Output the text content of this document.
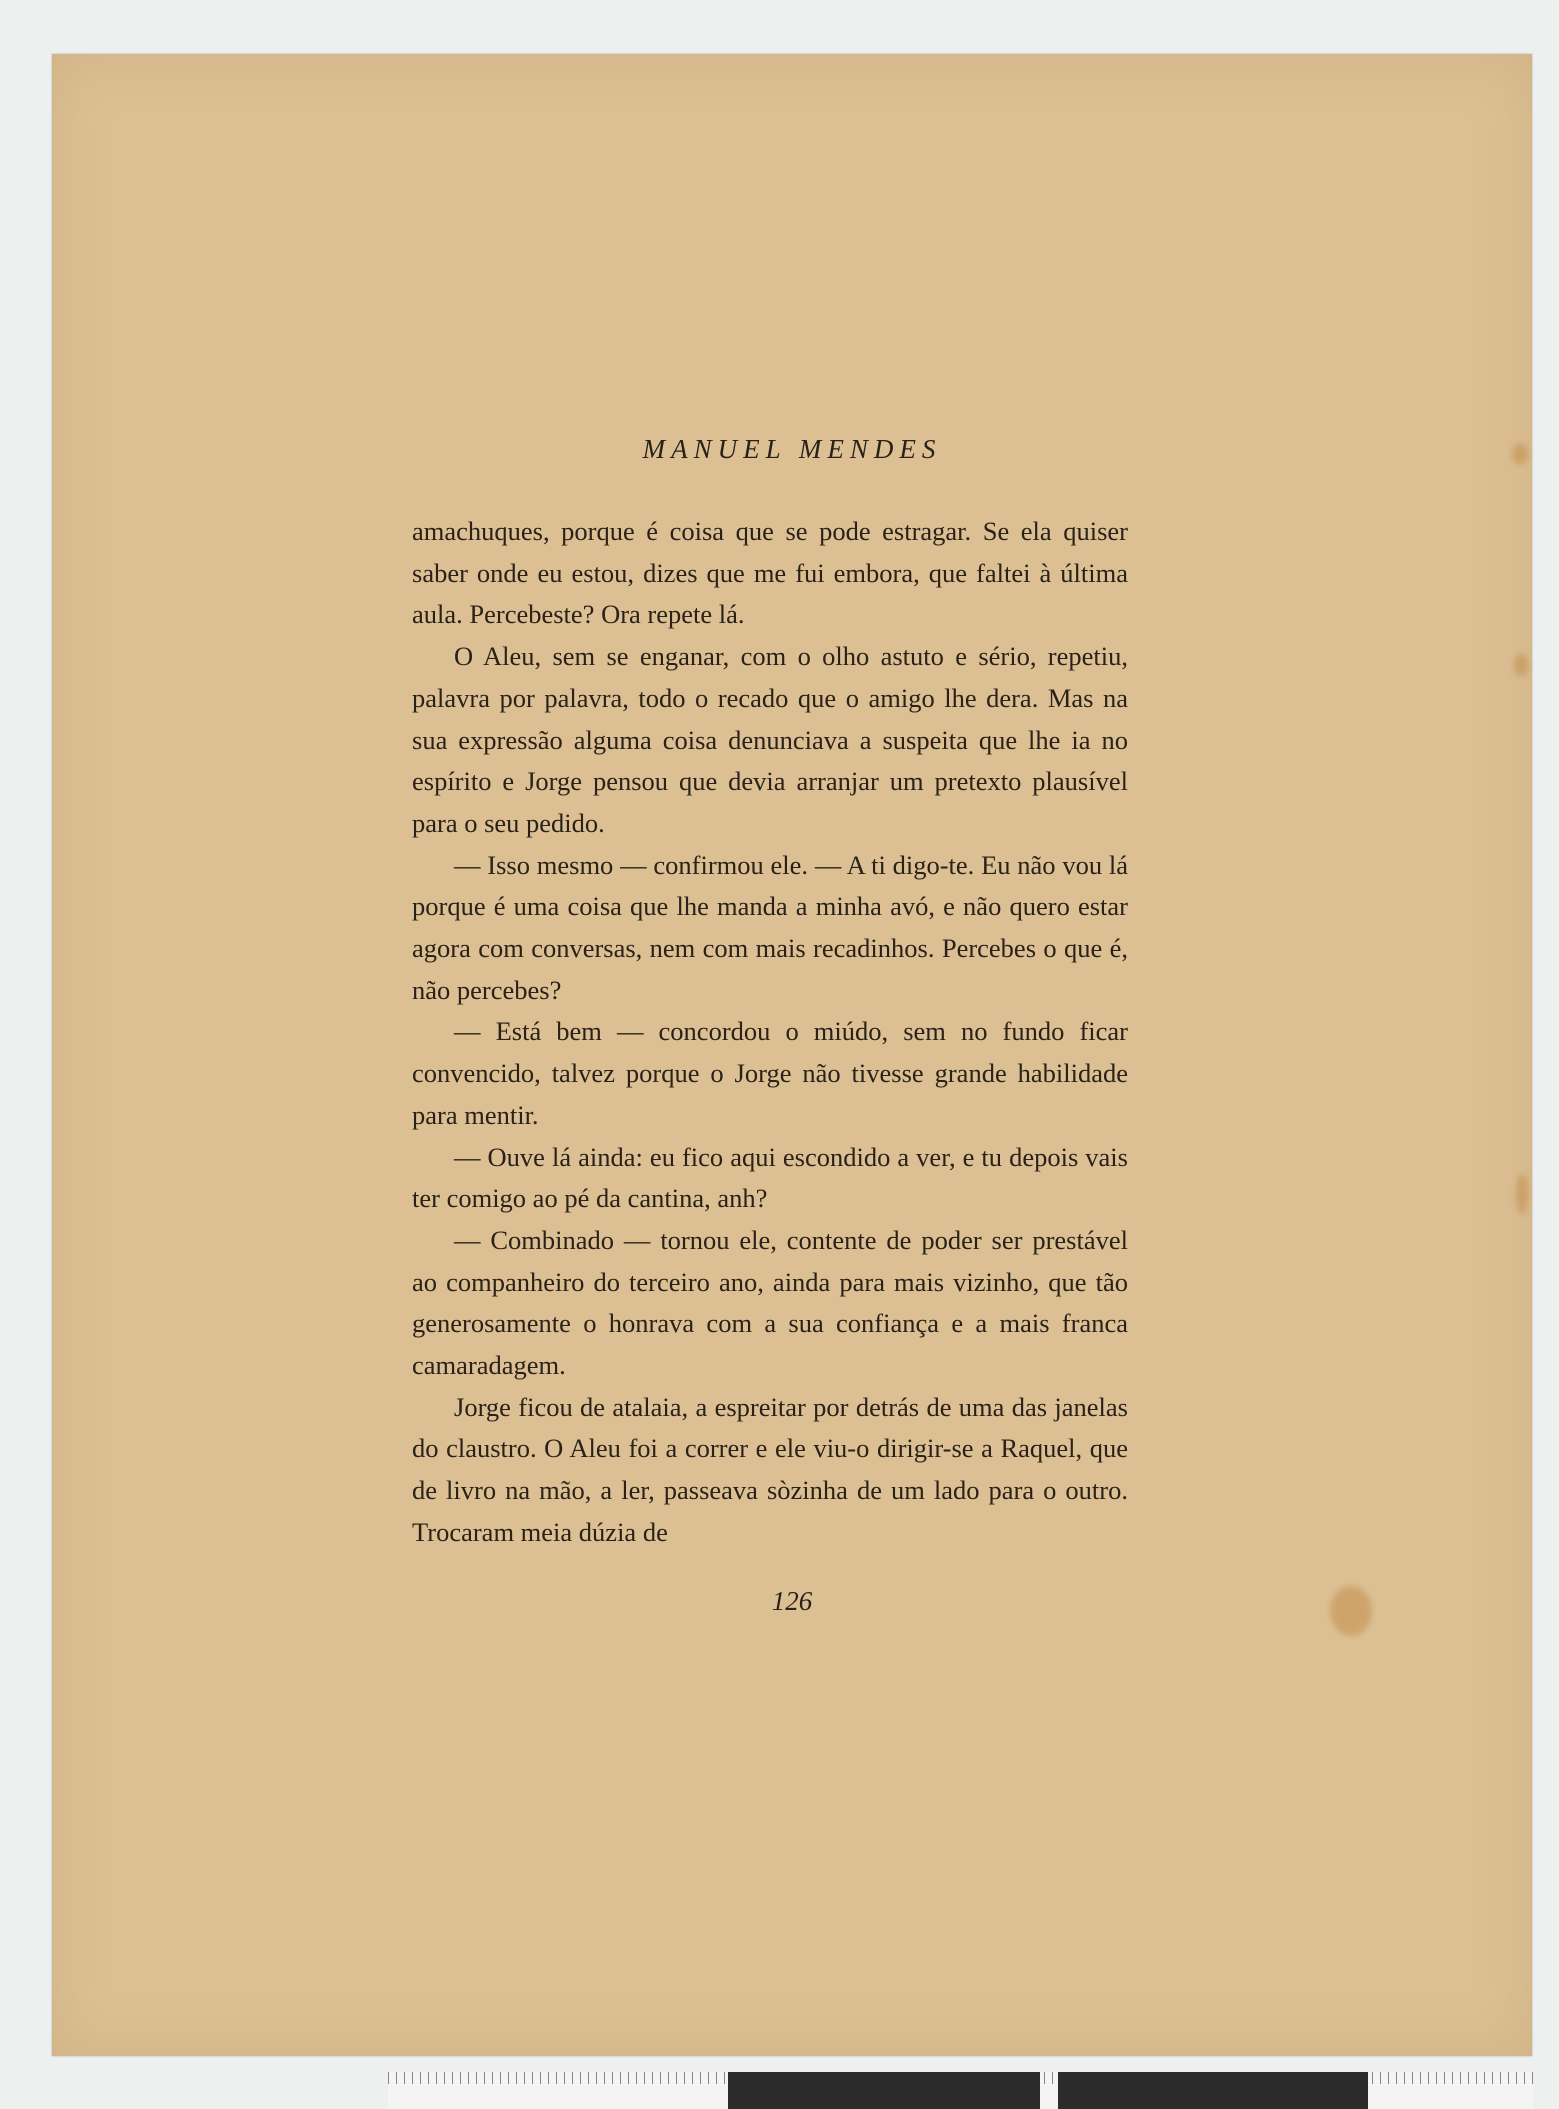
MANUEL MENDES

amachuques, porque é coisa que se pode estragar. Se ela quiser saber onde eu estou, dizes que me fui embora, que faltei à última aula. Percebeste? Ora repete lá.

O Aleu, sem se enganar, com o olho astuto e sério, repetiu, palavra por palavra, todo o recado que o amigo lhe dera. Mas na sua expressão alguma coisa denunciava a suspeita que lhe ia no espírito e Jorge pensou que devia arranjar um pretexto plausível para o seu pedido.

— Isso mesmo — confirmou ele. — A ti digo-te. Eu não vou lá porque é uma coisa que lhe manda a minha avó, e não quero estar agora com conversas, nem com mais recadinhos. Percebes o que é, não percebes?

— Está bem — concordou o miúdo, sem no fundo ficar convencido, talvez porque o Jorge não tivesse grande habilidade para mentir.

— Ouve lá ainda: eu fico aqui escondido a ver, e tu depois vais ter comigo ao pé da cantina, anh?

— Combinado — tornou ele, contente de poder ser prestável ao companheiro do terceiro ano, ainda para mais vizinho, que tão generosamente o honrava com a sua confiança e a mais franca camaradagem.

Jorge ficou de atalaia, a espreitar por detrás de uma das janelas do claustro. O Aleu foi a correr e ele viu-o dirigir-se a Raquel, que de livro na mão, a ler, passeava sòzinha de um lado para o outro. Trocaram meia dúzia de

126
